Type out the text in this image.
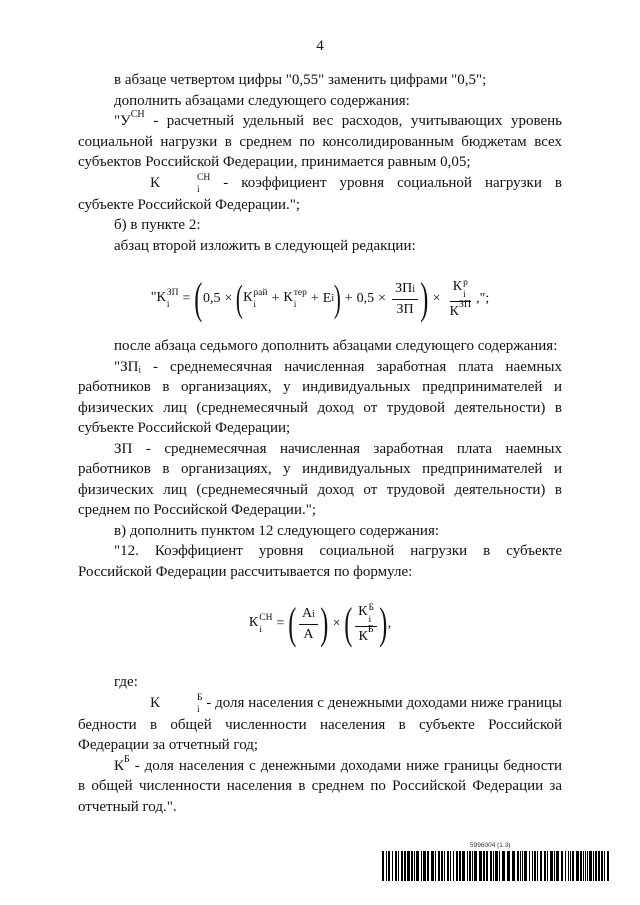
4

в абзаце четвертом цифры "0,55" заменить цифрами "0,5";

дополнить абзацами следующего содержания:

"$У^{СН}$ - расчетный удельный вес расходов, учитывающих уровень социальной нагрузки в среднем по консолидированным бюджетам всех субъектов Российской Федерации, принимается равным 0,05;

К	СН
i - коэффициент уровня социальной нагрузки в субъекте Российской Федерации.";

б) в пункте 2:

абзац второй изложить в следующей редакции:

"К ЗП
i = ( 0,5 × ( К рай
i	+ К тер
i	+ Е i ) + $0,5 \times \frac{\text{ЗПi}}{ЗП}$ ) × К р
i
$К^{ЗП}$ ,";

после абзаца седьмого дополнить абзацами следующего содержания:

"ЗПᵢ - среднемесячная начисленная заработная плата наемных работников в организациях, у индивидуальных предпринимателей и физических лиц (среднемесячный доход от трудовой деятельности) в субъекте Российской Федерации;

ЗП - среднемесячная начисленная заработная плата наемных работников в организациях, у индивидуальных предпринимателей и физических лиц (среднемесячный доход от трудовой деятельности) в среднем по Российской Федерации.";

в) дополнить пунктом 12 следующего содержания:

"12. Коэффициент уровня социальной нагрузки в субъекте Российской Федерации рассчитывается по формуле:

К СН
i	= ( $\frac{Аi}{А}$ ) × ( К Б
i
$К^Б$ ) ,

где:

К	Б
i - доля населения с денежными доходами ниже границы бедности в общей численности населения в субъекте Российской Федерации за отчетный год;

$К^Б$ - доля населения с денежными доходами ниже границы бедности в общей численности населения в среднем по Российской Федерации за отчетный год.".

5996004 (1.3)
